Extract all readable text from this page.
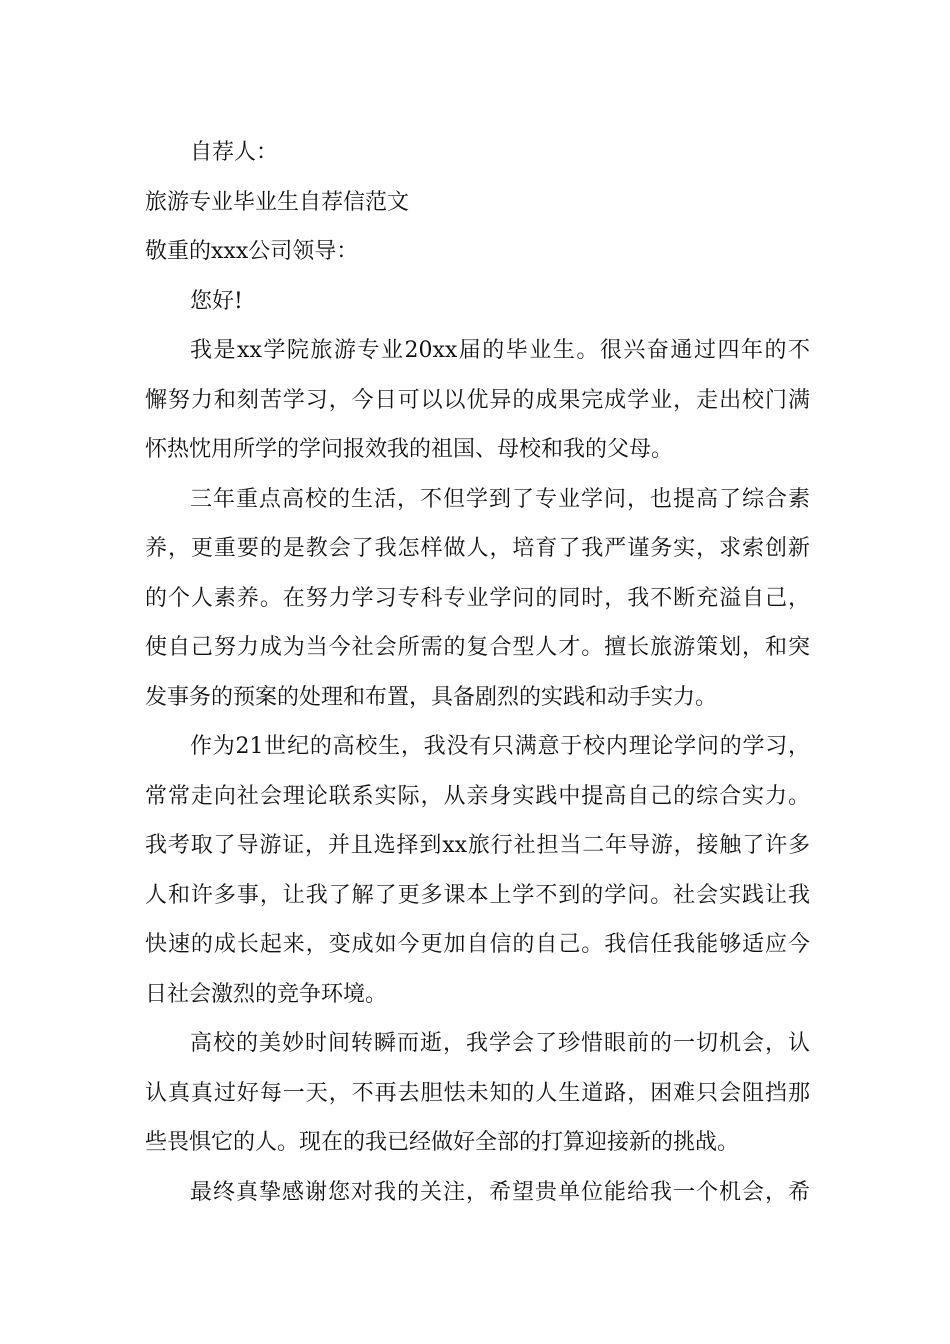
自荐人：
旅游专业毕业生自荐信范文
敬重的xxx公司领导：
您好!
我是xx学院旅游专业20xx届的毕业生。很兴奋通过四年的不
懈努力和刻苦学习，今日可以以优异的成果完成学业，走出校门满
怀热忱用所学的学问报效我的祖国、母校和我的父母。
三年重点高校的生活，不但学到了专业学问，也提高了综合素
养，更重要的是教会了我怎样做人，培育了我严谨务实，求索创新
的个人素养。在努力学习专科专业学问的同时，我不断充溢自己，
使自己努力成为当今社会所需的复合型人才。擅长旅游策划，和突
发事务的预案的处理和布置，具备剧烈的实践和动手实力。
作为21世纪的高校生，我没有只满意于校内理论学问的学习，
常常走向社会理论联系实际，从亲身实践中提高自己的综合实力。
我考取了导游证，并且选择到xx旅行社担当二年导游，接触了许多
人和许多事，让我了解了更多课本上学不到的学问。社会实践让我
快速的成长起来，变成如今更加自信的自己。我信任我能够适应今
日社会激烈的竞争环境。
高校的美妙时间转瞬而逝，我学会了珍惜眼前的一切机会，认
认真真过好每一天，不再去胆怯未知的人生道路，困难只会阻挡那
些畏惧它的人。现在的我已经做好全部的打算迎接新的挑战。
最终真挚感谢您对我的关注，希望贵单位能给我一个机会，希
